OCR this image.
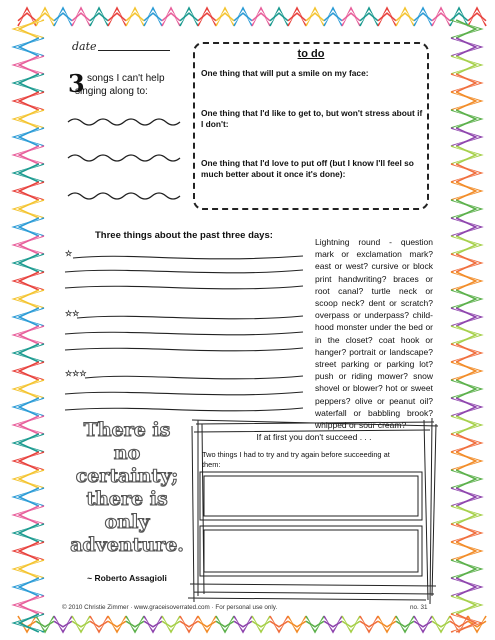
date
3 songs I can't help
singing along to:
to do
One thing that will put a smile on my face:
One thing that I'd like to get to, but won't stress about if I don't:
One thing that I'd love to put off (but I know I'll feel so much better about it once it's done):
Three things about the past three days:
☆
☆☆
☆☆☆
Lightning round - question mark or exclamation mark? east or west? cursive or block print handwriting? braces or root canal? turtle neck or scoop neck? dent or scratch? overpass or underpass? child-hood monster under the bed or in the closet? coat hook or hanger? portrait or landscape? street parking or parking lot? push or riding mower? snow shovel or blower? hot or sweet peppers? olive or peanut oil? waterfall or babbling brook? whipped or sour cream?
There is
no
certainty;
there is
only
adventure.
~ Roberto Assagioli
If at first you don't succeed . . .
Two things I had to try and try again before succeeding at them:
© 2010 Christie Zimmer · www.graceisoverrated.com · For personal use only.	no. 31
